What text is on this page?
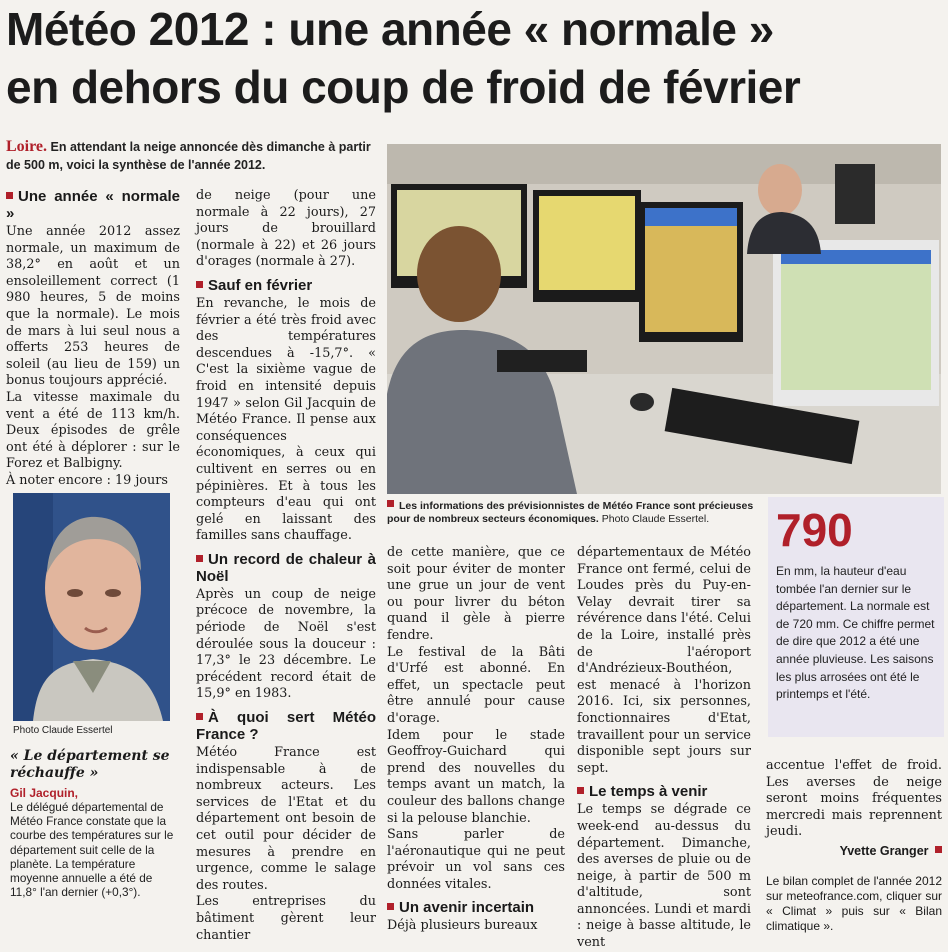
Météo 2012 : une année « normale »
en dehors du coup de froid de février
Loire. En attendant la neige annoncée dès dimanche à partir de 500 m, voici la synthèse de l'année 2012.
Une année « normale »

Une année 2012 assez normale, un maximum de 38,2° en août et un ensoleillement correct (1 980 heures, 5 de moins que la normale). Le mois de mars à lui seul nous a offerts 253 heures de soleil (au lieu de 159) un bonus toujours apprécié.

La vitesse maximale du vent a été de 113 km/h. Deux épisodes de grêle ont été à déplorer : sur le Forez et Balbigny.

À noter encore : 19 jours

Photo Claude Essertel
« Le département se réchauffe »
Gil Jacquin,
Le délégué départemental de Météo France constate que la courbe des températures sur le département suit celle de la planète. La température moyenne annuelle a été de 11,8° l'an dernier (+0,3°).

de neige (pour une normale à 22 jours), 27 jours de brouillard (normale à 22) et 26 jours d'orages (normale à 27).

Sauf en février

En revanche, le mois de février a été très froid avec des températures descendues à -15,7°. « C'est la sixième vague de froid en intensité depuis 1947 » selon Gil Jacquin de Météo France. Il pense aux conséquences économiques, à ceux qui cultivent en serres ou en pépinières. Et à tous les compteurs d'eau qui ont gelé en laissant des familles sans chauffage.

Un record de chaleur à Noël

Après un coup de neige précoce de novembre, la période de Noël s'est déroulée sous la douceur : 17,3° le 23 décembre. Le précédent record était de 15,9° en 1983.

À quoi sert Météo France ?

Météo France est indispensable à de nombreux acteurs. Les services de l'Etat et du département ont besoin de cet outil pour décider de mesures à prendre en urgence, comme le salage des routes.

Les entreprises du bâtiment gèrent leur chantier

Les informations des prévisionnistes de Météo France sont précieuses pour de nombreux secteurs économiques. Photo Claude Essertel.

de cette manière, que ce soit pour éviter de monter une grue un jour de vent ou pour livrer du béton quand il gèle à pierre fendre.

Le festival de la Bâti d'Urfé est abonné. En effet, un spectacle peut être annulé pour cause d'orage.

Idem pour le stade Geoffroy-Guichard qui prend des nouvelles du temps avant un match, la couleur des ballons change si la pelouse blanchie.

Sans parler de l'aéronautique qui ne peut prévoir un vol sans ces données vitales.

Un avenir incertain

Déjà plusieurs bureaux

départementaux de Météo France ont fermé, celui de Loudes près du Puy-en-Velay devrait tirer sa révérence dans l'été. Celui de la Loire, installé près de l'aéroport d'Andrézieux-Bouthéon, est menacé à l'horizon 2016. Ici, six personnes, fonctionnaires d'Etat, travaillent pour un service disponible sept jours sur sept.

Le temps à venir

Le temps se dégrade ce week-end au-dessus du département. Dimanche, des averses de pluie ou de neige, à partir de 500 m d'altitude, sont annoncées. Lundi et mardi : neige à basse altitude, le vent

790
En mm, la hauteur d'eau tombée l'an dernier sur le département. La normale est de 720 mm. Ce chiffre permet de dire que 2012 a été une année pluvieuse. Les saisons les plus arrosées ont été le printemps et l'été.

accentue l'effet de froid. Les averses de neige seront moins fréquentes mercredi mais reprennent jeudi.

Yvette Granger
Le bilan complet de l'année 2012 sur meteofrance.com, cliquer sur « Climat » puis sur « Bilan climatique ».
